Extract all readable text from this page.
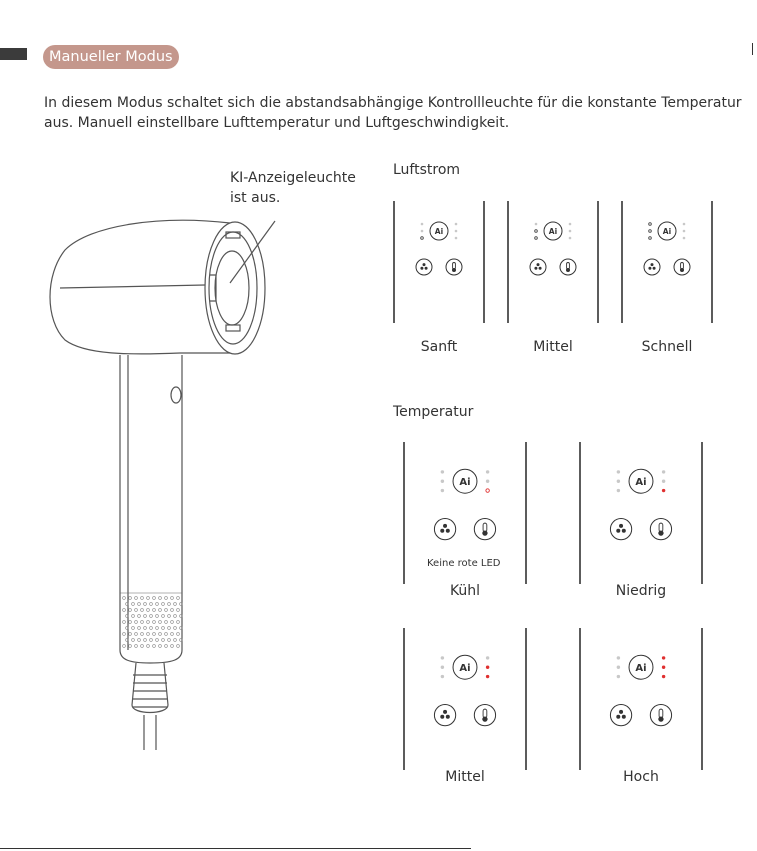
Manueller Modus
In diesem Modus schaltet sich die abstandsabhängige Kontrollleuchte für die konstante Temperatur aus. Manuell einstellbare Lufttemperatur und Luftgeschwindigkeit.
KI-Anzeigeleuchte
ist aus.
Luftstrom
Temperatur
Ai
Sanft
Ai
Mittel
Ai
Schnell
Ai
Kühl
Keine rote LED
Ai
Niedrig
Ai
Mittel
Ai
Hoch
